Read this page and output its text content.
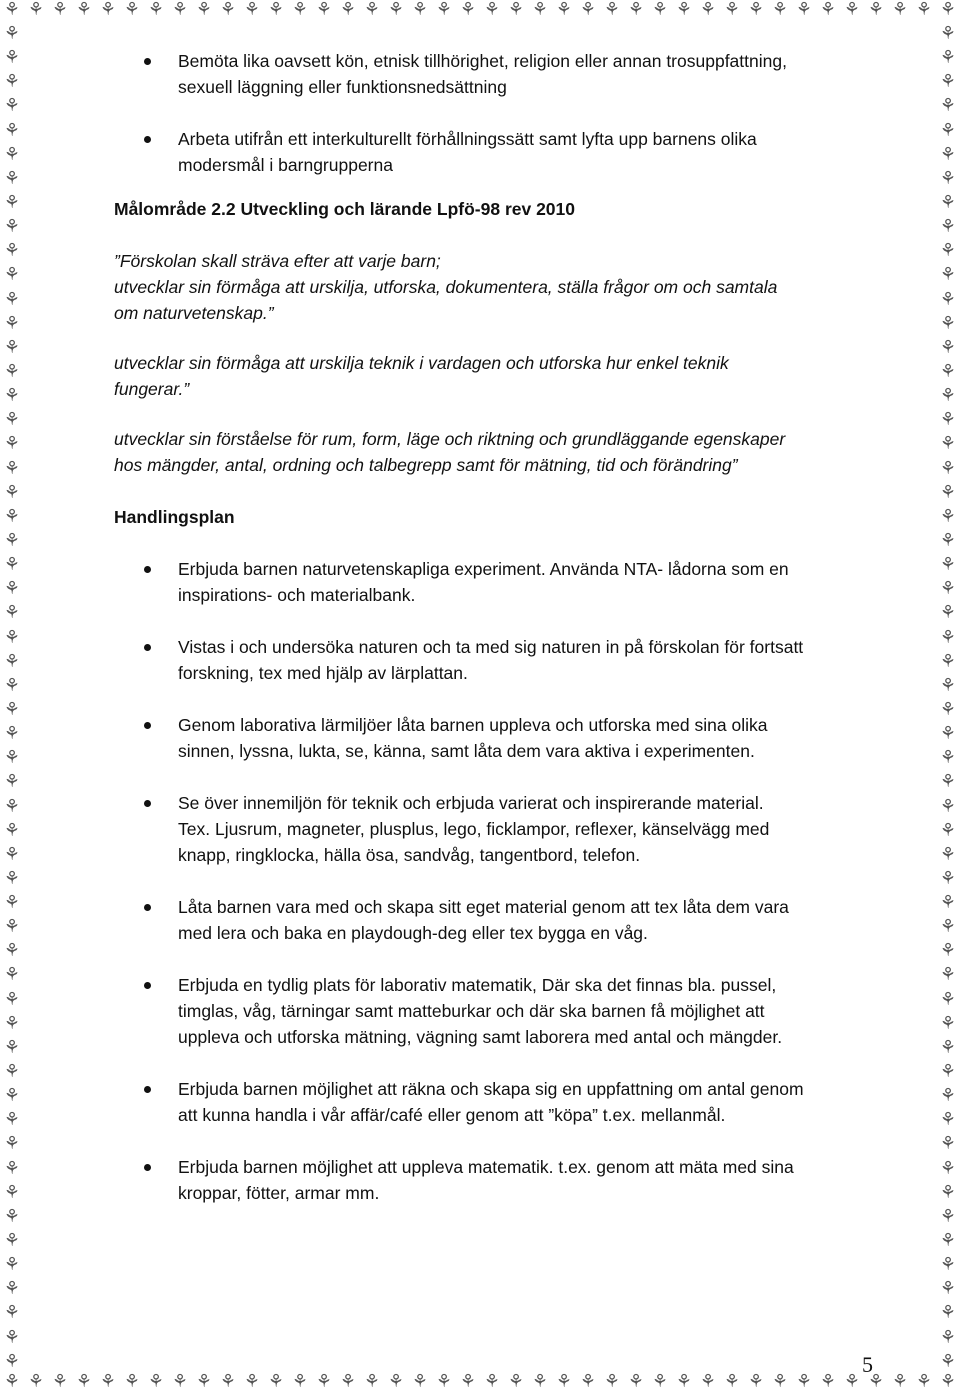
⚘ ⚘ ⚘ ⚘ ⚘ ⚘ ⚘ ⚘ ⚘ ⚘ ⚘ ⚘ ⚘ ⚘ ⚘ ⚘ ⚘ ⚘ ⚘ ⚘ ⚘ ⚘ ⚘ ⚘ ⚘ ⚘ ⚘ ⚘ ⚘ ⚘ ⚘ ⚘ ⚘ ⚘ ⚘ ⚘ ⚘ ⚘ ⚘ ⚘
⚘ ⚘ ⚘ ⚘ ⚘ ⚘ ⚘ ⚘ ⚘ ⚘ ⚘ ⚘ ⚘ ⚘ ⚘ ⚘ ⚘ ⚘ ⚘ ⚘ ⚘ ⚘ ⚘ ⚘ ⚘ ⚘ ⚘ ⚘ ⚘ ⚘ ⚘ ⚘ ⚘ ⚘ ⚘ ⚘ ⚘ ⚘ ⚘ ⚘
⚘
⚘
⚘
⚘
⚘
⚘
⚘
⚘
⚘
⚘
⚘
⚘
⚘
⚘
⚘
⚘
⚘
⚘
⚘
⚘
⚘
⚘
⚘
⚘
⚘
⚘
⚘
⚘
⚘
⚘
⚘
⚘
⚘
⚘
⚘
⚘
⚘
⚘
⚘
⚘
⚘
⚘
⚘
⚘
⚘
⚘
⚘
⚘
⚘
⚘
⚘
⚘
⚘
⚘
⚘
⚘
⚘
⚘
⚘
⚘
⚘
⚘
⚘
⚘
⚘
⚘
⚘
⚘
⚘
⚘
⚘
⚘
⚘
⚘
⚘
⚘
⚘
⚘
⚘
⚘
⚘
⚘
⚘
⚘
⚘
⚘
⚘
⚘
⚘
⚘
⚘
⚘
⚘
⚘
⚘
⚘
⚘
⚘
⚘
⚘
⚘
⚘
⚘
⚘
⚘
⚘
⚘
⚘
⚘
⚘
⚘
⚘
Bemöta lika oavsett kön, etnisk tillhörighet, religion eller annan trosuppfattning,
sexuell läggning eller funktionsnedsättning
Arbeta utifrån ett interkulturellt förhållningssätt samt lyfta upp barnens olika
modersmål i barngrupperna

Målområde 2.2 Utveckling och lärande Lpfö-98 rev 2010

”Förskolan skall sträva efter att varje barn;

utvecklar sin förmåga att urskilja, utforska, dokumentera, ställa frågor om och samtala

om naturvetenskap.”

utvecklar sin förmåga att urskilja teknik i vardagen och utforska hur enkel teknik

fungerar.”

utvecklar sin förståelse för rum, form, läge och riktning och grundläggande egenskaper

hos mängder, antal, ordning och talbegrepp samt för mätning, tid och förändring”

Handlingsplan

Erbjuda barnen naturvetenskapliga experiment. Använda NTA- lådorna som en
inspirations- och materialbank.
Vistas i och undersöka naturen och ta med sig naturen in på förskolan för fortsatt
forskning, tex med hjälp av lärplattan.
Genom laborativa lärmiljöer låta barnen uppleva och utforska med sina olika
sinnen, lyssna, lukta, se, känna, samt låta dem vara aktiva i experimenten.
Se över innemiljön för teknik och erbjuda varierat och inspirerande material.
Tex. Ljusrum, magneter, plusplus, lego, ficklampor, reflexer, känselvägg med
knapp, ringklocka, hälla ösa, sandvåg, tangentbord, telefon.
Låta barnen vara med och skapa sitt eget material genom att tex låta dem vara
med lera och baka en playdough-deg eller tex bygga en våg.
Erbjuda en tydlig plats för laborativ matematik, Där ska det finnas bla. pussel,
timglas, våg, tärningar samt matteburkar och där ska barnen få möjlighet att
uppleva och utforska mätning, vägning samt laborera med antal och mängder.
Erbjuda barnen möjlighet att räkna och skapa sig en uppfattning om antal genom
att kunna handla i vår affär/café eller genom att ”köpa” t.ex. mellanmål.
Erbjuda barnen möjlighet att uppleva matematik. t.ex. genom att mäta med sina
kroppar, fötter, armar mm.
5
